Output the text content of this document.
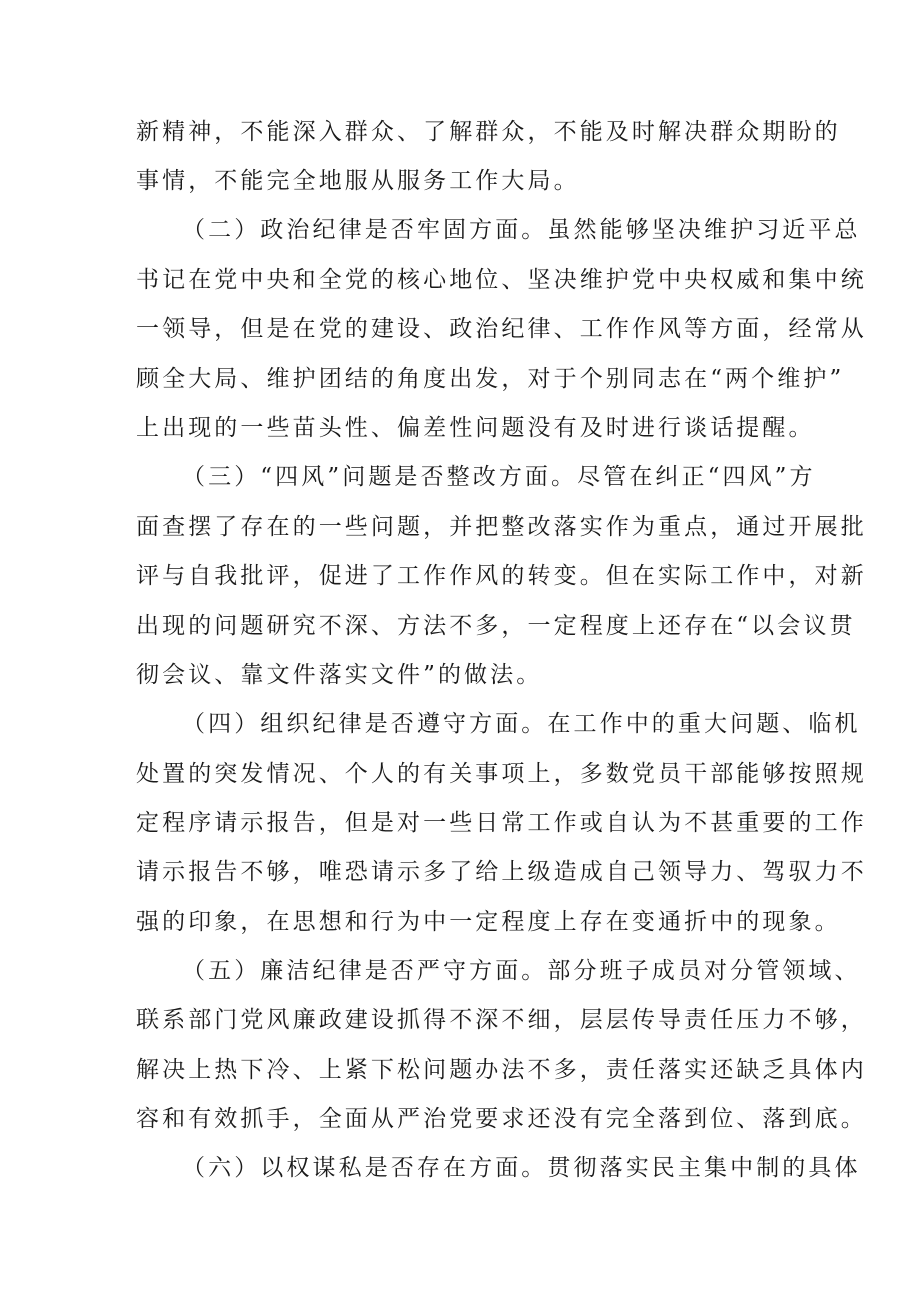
新精神，不能深入群众、了解群众，不能及时解决群众期盼的
事情，不能完全地服从服务工作大局。
（二）政治纪律是否牢固方面。虽然能够坚决维护习近平总
书记在党中央和全党的核心地位、坚决维护党中央权威和集中统
一领导，但是在党的建设、政治纪律、工作作风等方面，经常从
顾全大局、维护团结的角度出发，对于个别同志在“两个维护”
上出现的一些苗头性、偏差性问题没有及时进行谈话提醒。
（三）“四风”问题是否整改方面。尽管在纠正“四风”方
面查摆了存在的一些问题，并把整改落实作为重点，通过开展批
评与自我批评，促进了工作作风的转变。但在实际工作中，对新
出现的问题研究不深、方法不多，一定程度上还存在“以会议贯
彻会议、靠文件落实文件”的做法。
（四）组织纪律是否遵守方面。在工作中的重大问题、临机
处置的突发情况、个人的有关事项上，多数党员干部能够按照规
定程序请示报告，但是对一些日常工作或自认为不甚重要的工作
请示报告不够，唯恐请示多了给上级造成自己领导力、驾驭力不
强的印象，在思想和行为中一定程度上存在变通折中的现象。
（五）廉洁纪律是否严守方面。部分班子成员对分管领域、
联系部门党风廉政建设抓得不深不细，层层传导责任压力不够，
解决上热下冷、上紧下松问题办法不多，责任落实还缺乏具体内
容和有效抓手，全面从严治党要求还没有完全落到位、落到底。
（六）以权谋私是否存在方面。贯彻落实民主集中制的具体
